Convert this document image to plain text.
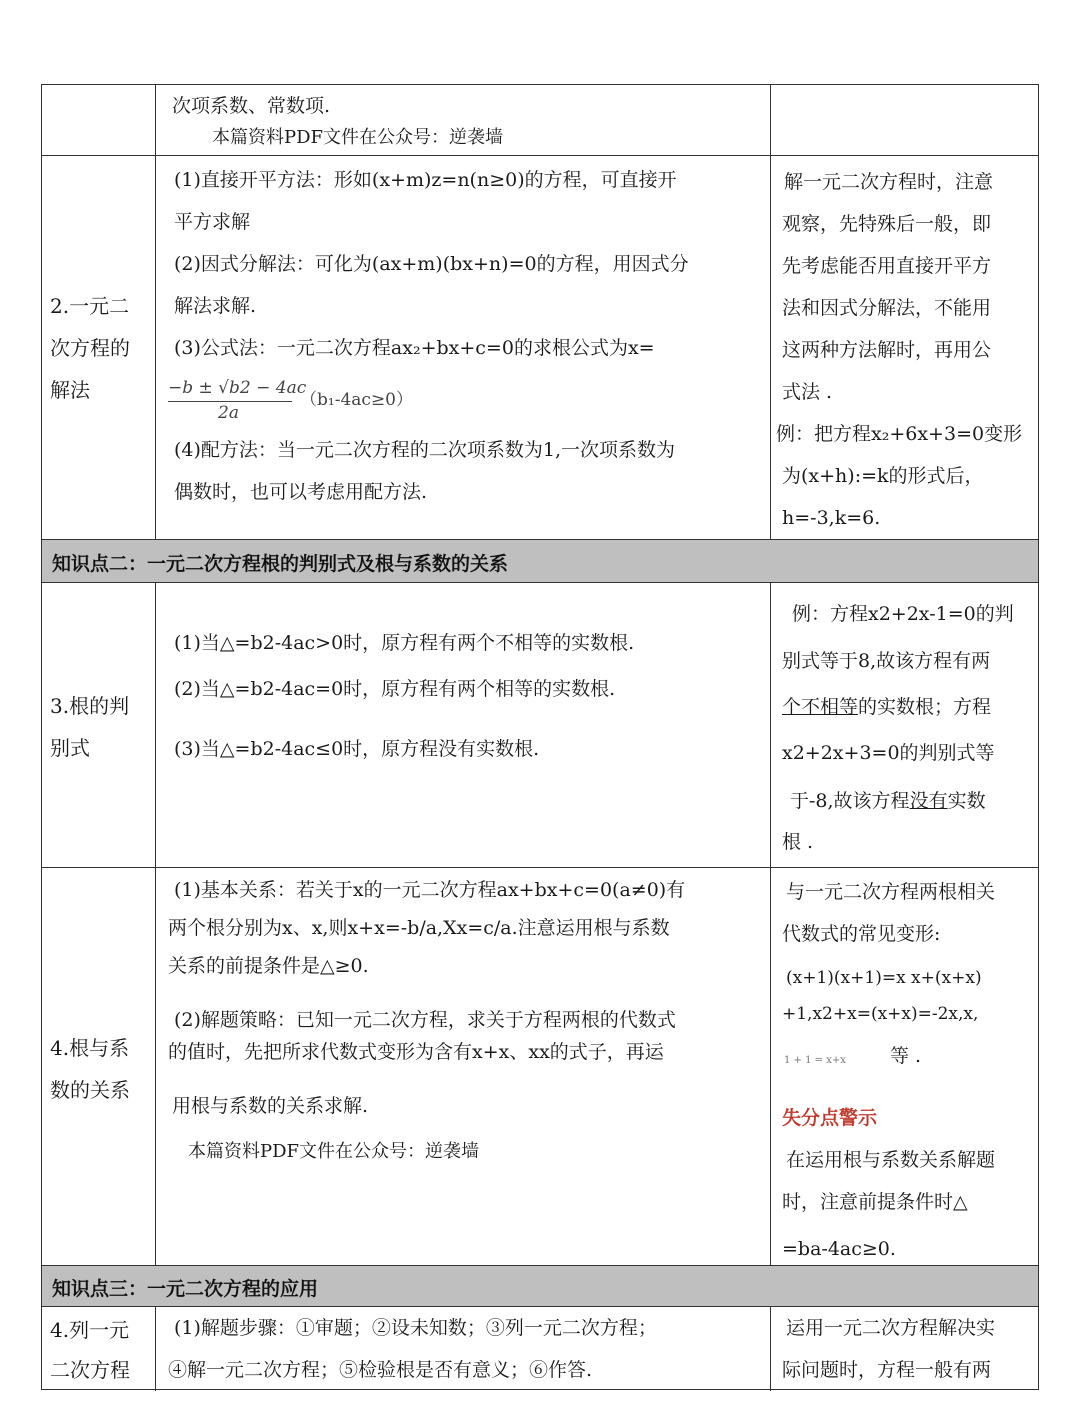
知识点二：一元二次方程根的判别式及根与系数的关系
知识点三：一元二次方程的应用
次项系数、常数项.
本篇资料PDF文件在公众号：逆袭墙
2.一元二
次方程的
解法
(1)直接开平方法：形如(x+m)z=n(n≥0)的方程，可直接开
平方求解
(2)因式分解法：可化为(ax+m)(bx+n)=0的方程，用因式分
解法求解.
(3)公式法：一元二次方程ax₂+bx+c=0的求根公式为x=
−b ± √b2 − 4ac
2a
（b₁-4ac≥0）
(4)配方法：当一元二次方程的二次项系数为1,一次项系数为
偶数时，也可以考虑用配方法.
解一元二次方程时，注意
观察，先特殊后一般，即
先考虑能否用直接开平方
法和因式分解法，不能用
这两种方法解时，再用公
式法 .
例：把方程x₂+6x+3=0变形
为(x+h):=k的形式后，
h=-3,k=6.
3.根的判
别式
(1)当△=b2-4ac>0时，原方程有两个不相等的实数根.
(2)当△=b2-4ac=0时，原方程有两个相等的实数根.
(3)当△=b2-4ac≤0时，原方程没有实数根.
例：方程x2+2x-1=0的判
别式等于8,故该方程有两
个不相等的实数根；方程
x2+2x+3=0的判别式等
于-8,故该方程没有实数
根 .
4.根与系
数的关系
(1)基本关系：若关于x的一元二次方程ax+bx+c=0(a≠0)有
两个根分别为x、x,则x+x=-b/a,Xx=c/a.注意运用根与系数
关系的前提条件是△≥0.
(2)解题策略：已知一元二次方程，求关于方程两根的代数式
的值时，先把所求代数式变形为含有x+x、xx的式子，再运
用根与系数的关系求解.
本篇资料PDF文件在公众号：逆袭墙
与一元二次方程两根相关
代数式的常见变形:
(x+1)(x+1)=x x+(x+x)
+1,x2+x=(x+x)=-2x,x,
1 + 1 = x+x 等 .
失分点警示
在运用根与系数关系解题
时，注意前提条件时△
=ba-4ac≥0.
4.列一元
二次方程
(1)解题步骤：①审题；②设未知数；③列一元二次方程；
④解一元二次方程；⑤检验根是否有意义；⑥作答.
运用一元二次方程解决实
际问题时，方程一般有两
